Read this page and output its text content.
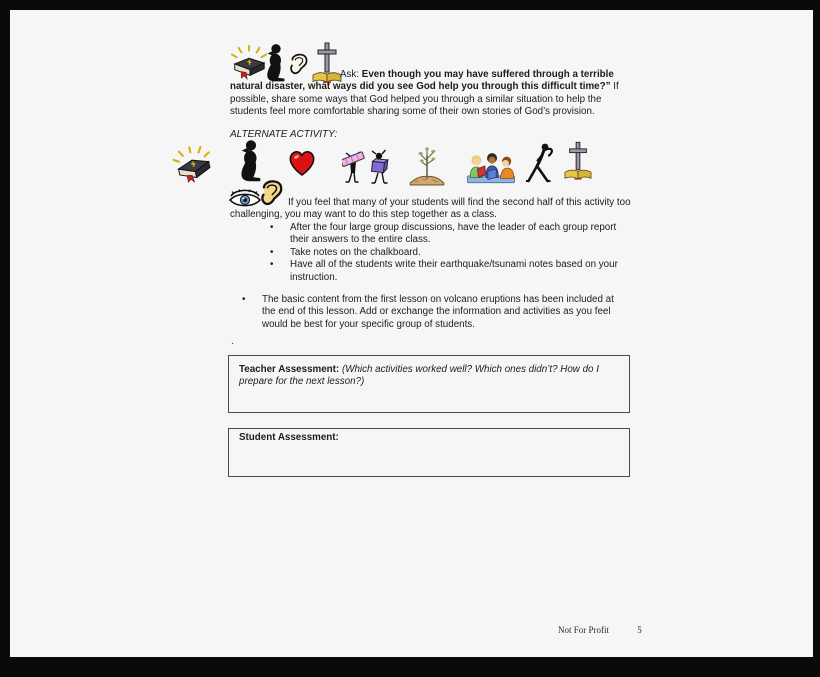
Ask: Even though you may have suffered through a terrible natural disaster, what ways did you see God help you through this difficult time?” If possible, share some ways that God helped you through a similar situation to help the students feel more comfortable sharing some of their own stories of God’s provision.
ALTERNATE ACTIVITY:
If you feel that many of your students will find the second half of this activity too challenging, you may want to do this step together as a class.
•
After the four large group discussions, have the leader of each group report their answers to the entire class.
•
Take notes on the chalkboard.
•
Have all of the students write their earthquake/tsunami notes based on your instruction.
•
The basic content from the first lesson on volcano eruptions has been included at the end of this lesson. Add or exchange the information and activities as you feel would be best for your specific group of students.
.
Teacher Assessment: (Which activities worked well? Which ones didn’t? How do I prepare for the next lesson?)
Student Assessment:
Not For Profit	5
